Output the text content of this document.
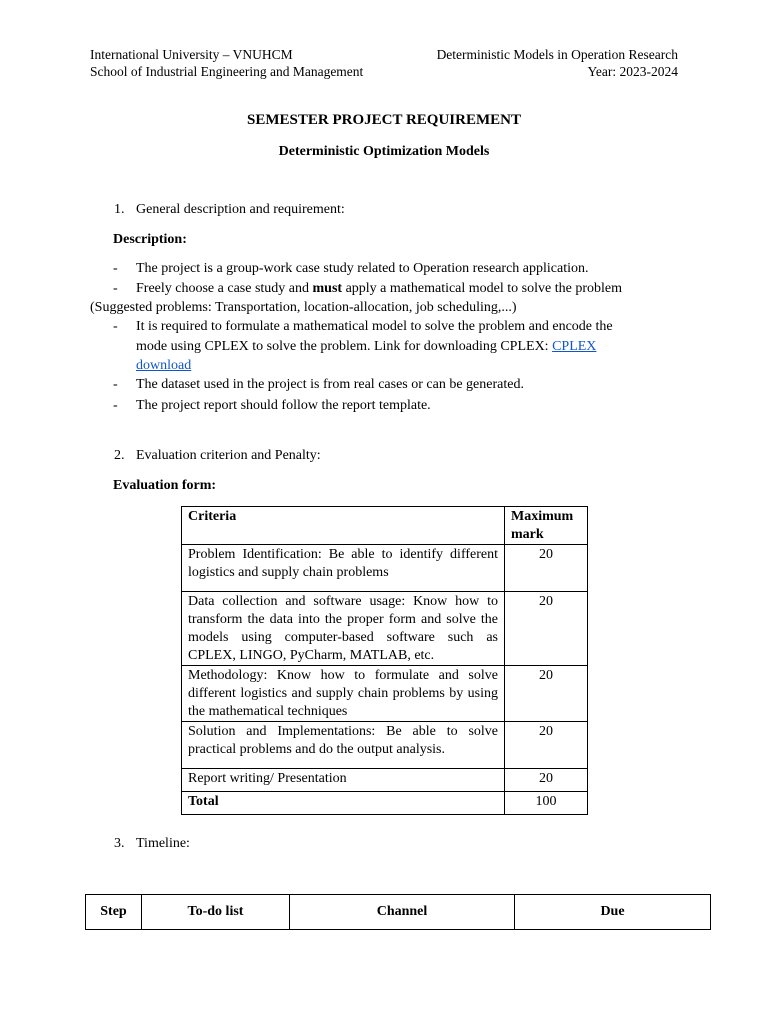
International University – VNUHCM
School of Industrial Engineering and Management
Deterministic Models in Operation Research
Year: 2023-2024
SEMESTER PROJECT REQUIREMENT
Deterministic Optimization Models
1. General description and requirement:
Description:
- The project is a group-work case study related to Operation research application.
- Freely choose a case study and must apply a mathematical model to solve the problem
(Suggested problems: Transportation, location-allocation, job scheduling,...)
- It is required to formulate a mathematical model to solve the problem and encode the
mode using CPLEX to solve the problem. Link for downloading CPLEX: CPLEX
download
- The dataset used in the project is from real cases or can be generated.
- The project report should follow the report template.
2. Evaluation criterion and Penalty:
Evaluation form:
Criteria	Maximum mark
Problem Identification: Be able to identify different logistics and supply chain problems	20
Data collection and software usage: Know how to transform the data into the proper form and solve the models using computer-based software such as CPLEX, LINGO, PyCharm, MATLAB, etc.	20
Methodology: Know how to formulate and solve different logistics and supply chain problems by using the mathematical techniques	20
Solution and Implementations: Be able to solve practical problems and do the output analysis.	20
Report writing/ Presentation	20
Total	100
3. Timeline:
Step	To-do list	Channel	Due
